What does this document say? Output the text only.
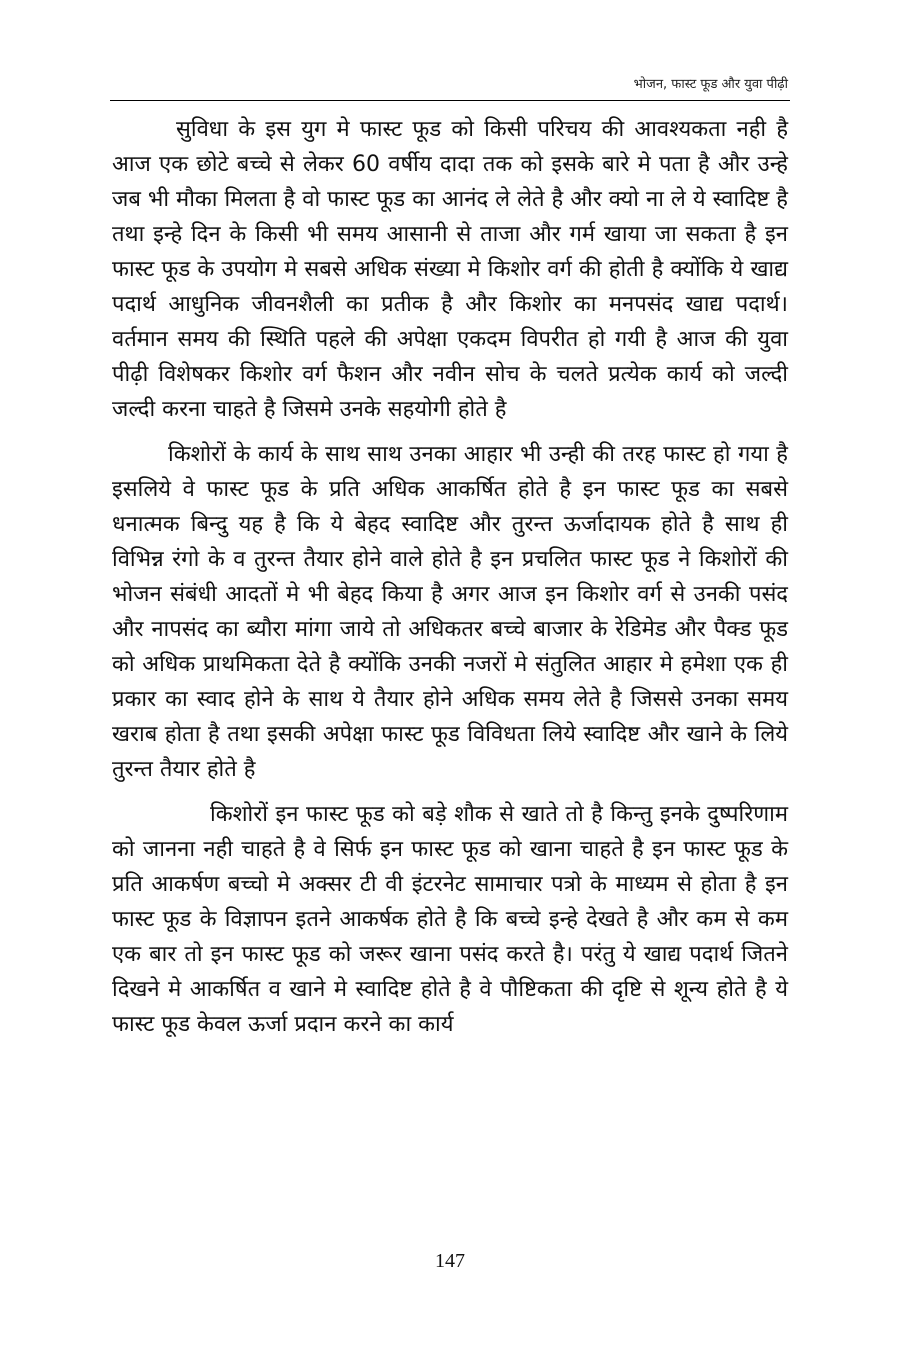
भोजन, फास्ट फूड और युवा पीढ़ी

सुविधा के इस युग मे फास्ट फूड को किसी परिचय की आवश्यकता नही है आज एक छोटे बच्चे से लेकर 60 वर्षीय दादा तक को इसके बारे मे पता है और उन्हे जब भी मौका मिलता है वो फास्ट फूड का आनंद ले लेते है और क्यो ना ले ये स्वादिष्ट है तथा इन्हे दिन के किसी भी समय आसानी से ताजा और गर्म खाया जा सकता है इन फास्ट फूड के उपयोग मे सबसे अधिक संख्या मे किशोर वर्ग की होती है क्योंकि ये खाद्य पदार्थ आधुनिक जीवनशैली का प्रतीक है और किशोर का मनपसंद खाद्य पदार्थ। वर्तमान समय की स्थिति पहले की अपेक्षा एकदम विपरीत हो गयी है आज की युवा पीढ़ी विशेषकर किशोर वर्ग फैशन और नवीन सोच के चलते प्रत्येक कार्य को जल्दी जल्दी करना चाहते है जिसमे उनके सहयोगी होते है

किशोरों के कार्य के साथ साथ उनका आहार भी उन्ही की तरह फास्ट हो गया है इसलिये वे फास्ट फूड के प्रति अधिक आकर्षित होते है इन फास्ट फूड का सबसे धनात्मक बिन्दु यह है कि ये बेहद स्वादिष्ट और तुरन्त ऊर्जादायक होते है साथ ही विभिन्न रंगो के व तुरन्त तैयार होने वाले होते है इन प्रचलित फास्ट फूड ने किशोरों की भोजन संबंधी आदतों मे भी बेहद किया है अगर आज इन किशोर वर्ग से उनकी पसंद और नापसंद का ब्यौरा मांगा जाये तो अधिकतर बच्चे बाजार के रेडिमेड और पैक्ड फूड को अधिक प्राथमिकता देते है क्योंकि उनकी नजरों मे संतुलित आहार मे हमेशा एक ही प्रकार का स्वाद होने के साथ ये तैयार होने अधिक समय लेते है जिससे उनका समय खराब होता है तथा इसकी अपेक्षा फास्ट फूड विविधता लिये स्वादिष्ट और खाने के लिये तुरन्त तैयार होते है

किशोरों इन फास्ट फूड को बड़े शौक से खाते तो है किन्तु इनके दुष्परिणाम को जानना नही चाहते है वे सिर्फ इन फास्ट फूड को खाना चाहते है इन फास्ट फूड के प्रति आकर्षण बच्चो मे अक्सर टी वी इंटरनेट सामाचार पत्रो के माध्यम से होता है इन फास्ट फूड के विज्ञापन इतने आकर्षक होते है कि बच्चे इन्हे देखते है और कम से कम एक बार तो इन फास्ट फूड को जरूर खाना पसंद करते है। परंतु ये खाद्य पदार्थ जितने दिखने मे आकर्षित व खाने मे स्वादिष्ट होते है वे पौष्टिकता की दृष्टि से शून्य होते है ये फास्ट फूड केवल ऊर्जा प्रदान करने का कार्य

147
